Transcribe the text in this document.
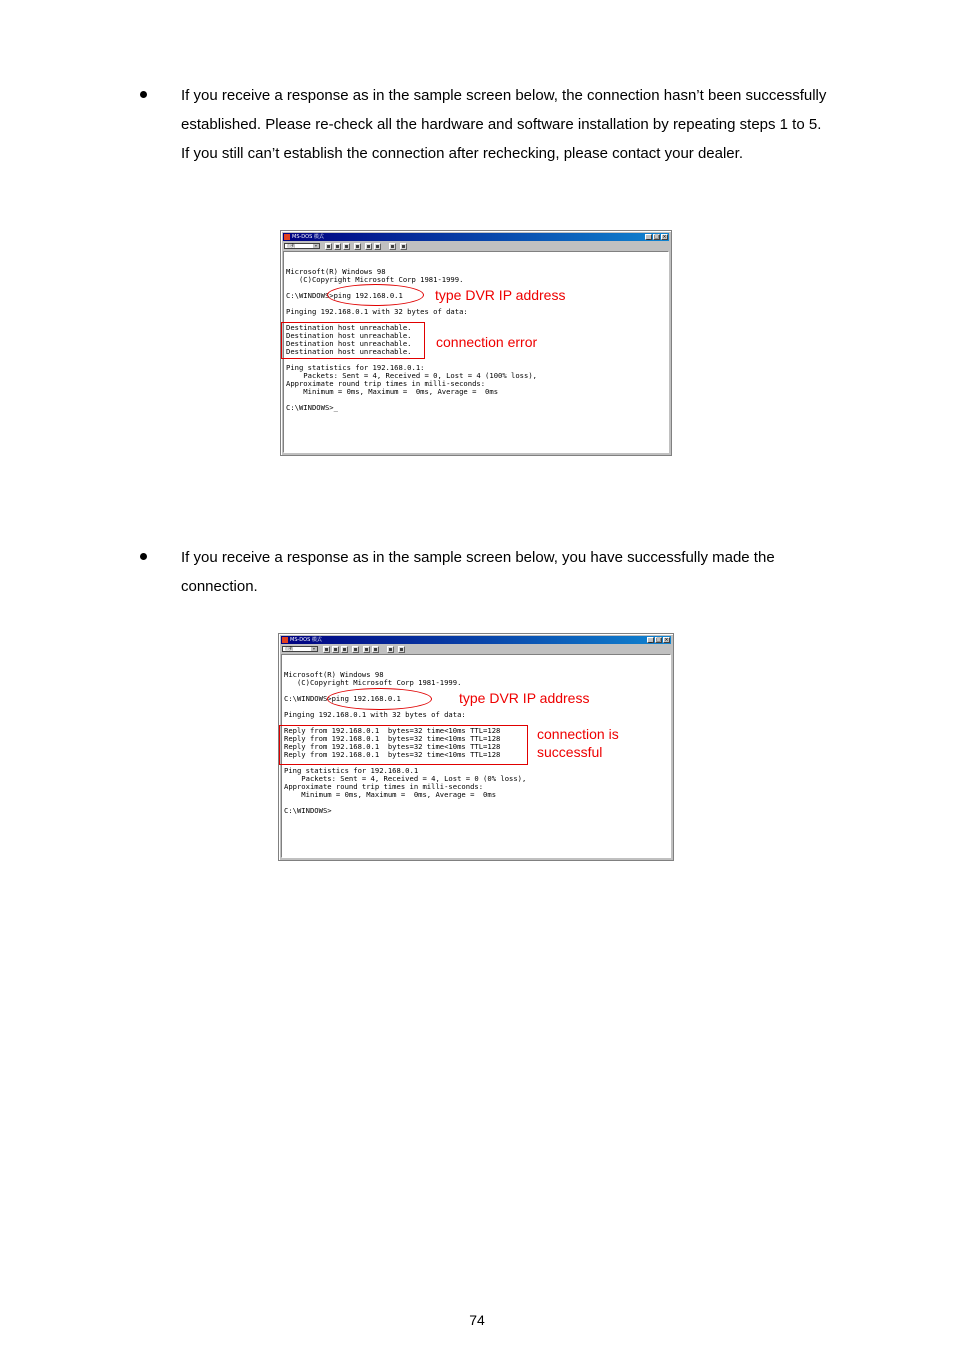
If you receive a response as in the sample screen below, the connection hasn’t been successfully established. Please re-check all the hardware and software installation by repeating steps 1 to 5. If you still can’t establish the connection after rechecking, please contact your dealer.
MS-DOS 模式	_ □ ×
自動	▾
Microsoft(R) Windows 98
(C)Copyright Microsoft Corp 1981-1999.
C:\WINDOWS>ping 192.168.0.1
Pinging 192.168.0.1 with 32 bytes of data:
Destination host unreachable.
Destination host unreachable.
Destination host unreachable.
Destination host unreachable.
Ping statistics for 192.168.0.1:
Packets: Sent = 4, Received = 0, Lost = 4 (100% loss),
Approximate round trip times in milli-seconds:
Minimum = 0ms, Maximum =  0ms, Average =  0ms
C:\WINDOWS>_
type DVR IP address
connection error
If you receive a response as in the sample screen below, you have successfully made the connection.
MS-DOS 模式	_ □ ×
自動	▾
Microsoft(R) Windows 98
(C)Copyright Microsoft Corp 1981-1999.
C:\WINDOWS>ping 192.168.0.1
Pinging 192.168.0.1 with 32 bytes of data:
Reply from 192.168.0.1  bytes=32 time<10ms TTL=128
Reply from 192.168.0.1  bytes=32 time<10ms TTL=128
Reply from 192.168.0.1  bytes=32 time<10ms TTL=128
Reply from 192.168.0.1  bytes=32 time<10ms TTL=128
Ping statistics for 192.168.0.1
Packets: Sent = 4, Received = 4, Lost = 0 (0% loss),
Approximate round trip times in milli-seconds:
Minimum = 0ms, Maximum =  0ms, Average =  0ms
C:\WINDOWS>
type DVR IP address
connection is
successful
74
